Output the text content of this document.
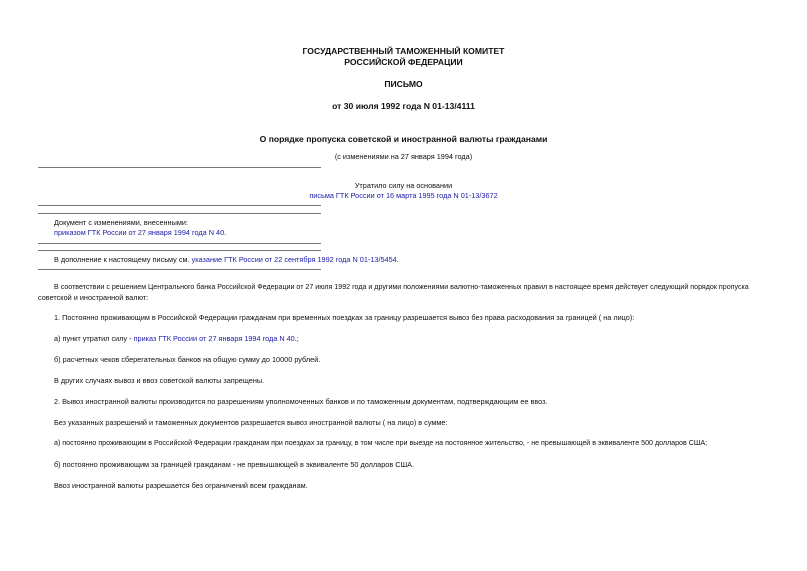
ГОСУДАРСТВЕННЫЙ ТАМОЖЕННЫЙ КОМИТЕТ
РОССИЙСКОЙ ФЕДЕРАЦИИ
ПИСЬМО
от 30 июля 1992 года N 01-13/4111
О порядке пропуска советской и иностранной валюты гражданами
(с изменениями на 27 января 1994 года)
Утратило силу на основании
письма ГТК России от 16 марта 1995 года N 01-13/3672
Документ с изменениями, внесенными:
приказом ГТК России от 27 января 1994 года N 40.
В дополнение к настоящему письму см. указание ГТК России от 22 сентября 1992 года N 01-13/5454.
В соответствии с решением Центрального банка Российской Федерации от 27 июля 1992 года и другими положениями валютно-таможенных правил в настоящее время действует следующий порядок пропуска
советской и иностранной валют:
1. Постоянно проживающим в Российской Федерации гражданам при временных поездках за границу разрешается вывоз без права расходования за границей ( на лицо):
а) пункт утратил силу - приказ ГТК России от 27 января 1994 года N 40.;
б) расчетных чеков сберегательных банков на общую сумму до 10000 рублей.
В других случаях вывоз и ввоз советской валюты запрещены.
2. Вывоз иностранной валюты производится по разрешениям уполномоченных банков и по таможенным документам, подтверждающим ее ввоз.
Без указанных разрешений и таможенных документов разрешается вывоз иностранной валюты ( на лицо) в сумме:
а) постоянно проживающим в Российской Федерации гражданам при поездках за границу, в том числе при выезде на постоянное жительство, - не превышающей в эквиваленте 500 долларов США;
б) постоянно проживающим за границей гражданам - не превышающей в эквиваленте 50 долларов США.
Ввоз иностранной валюты разрешается без ограничений всем гражданам.
